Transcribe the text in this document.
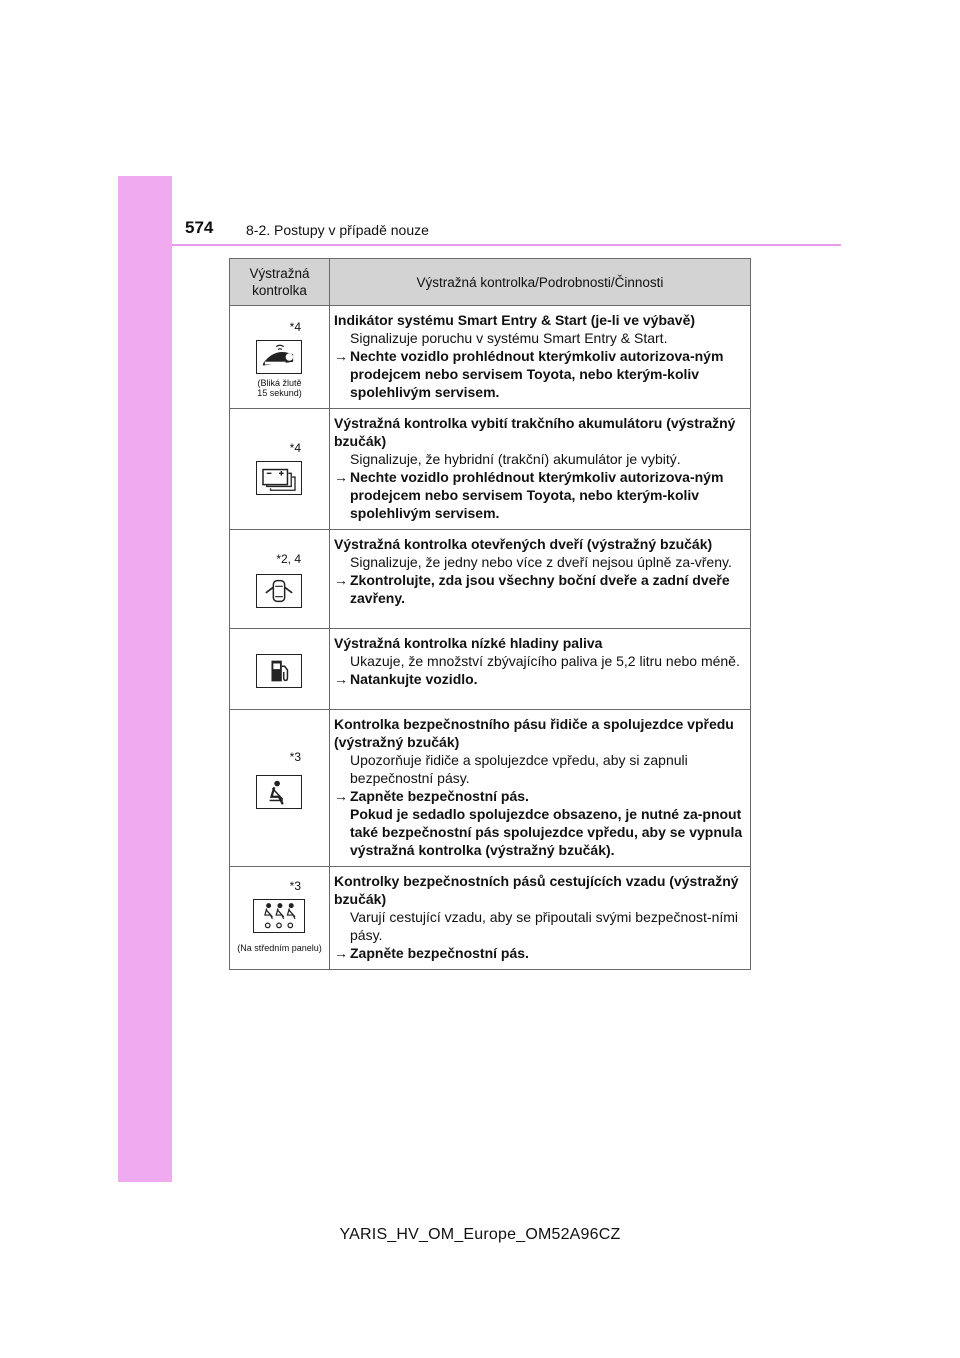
574 8-2. Postupy v případě nouze
Výstražná kontrolka	Výstražná kontrolka/Podrobnosti/Činnosti

*4
(Bliká žlutě 15 sekund)	Indikátor systému Smart Entry & Start (je-li ve výbavě)
Signalizuje poruchu v systému Smart Entry & Start.
→ Nechte vozidlo prohlédnout kterýmkoliv autorizova-ným prodejcem nebo servisem Toyota, nebo kterým-koliv spolehlivým servisem.

*4	Výstražná kontrolka vybití trakčního akumulátoru (výstražný bzučák)
Signalizuje, že hybridní (trakční) akumulátor je vybitý.
→ Nechte vozidlo prohlédnout kterýmkoliv autorizova-ným prodejcem nebo servisem Toyota, nebo kterým-koliv spolehlivým servisem.

*2, 4	Výstražná kontrolka otevřených dveří (výstražný bzučák)
Signalizuje, že jedny nebo více z dveří nejsou úplně za-vřeny.
→ Zkontrolujte, zda jsou všechny boční dveře a zadní dveře zavřeny.

Výstražná kontrolka nízké hladiny paliva
Ukazuje, že množství zbývajícího paliva je 5,2 litru nebo méně.
→ Natankujte vozidlo.

*3	Kontrolka bezpečnostního pásu řidiče a spolujezdce vpředu (výstražný bzučák)
Upozorňuje řidiče a spolujezdce vpředu, aby si zapnuli bezpečnostní pásy.
→ Zapněte bezpečnostní pás.
Pokud je sedadlo spolujezdce obsazeno, je nutné za-pnout také bezpečnostní pás spolujezdce vpředu, aby se vypnula výstražná kontrolka (výstražný bzučák).

*3
(Na středním panelu)	Kontrolky bezpečnostních pásů cestujících vzadu (výstražný bzučák)
Varují cestující vzadu, aby se připoutali svými bezpečnost-ními pásy.
→ Zapněte bezpečnostní pás.
YARIS_HV_OM_Europe_OM52A96CZ
